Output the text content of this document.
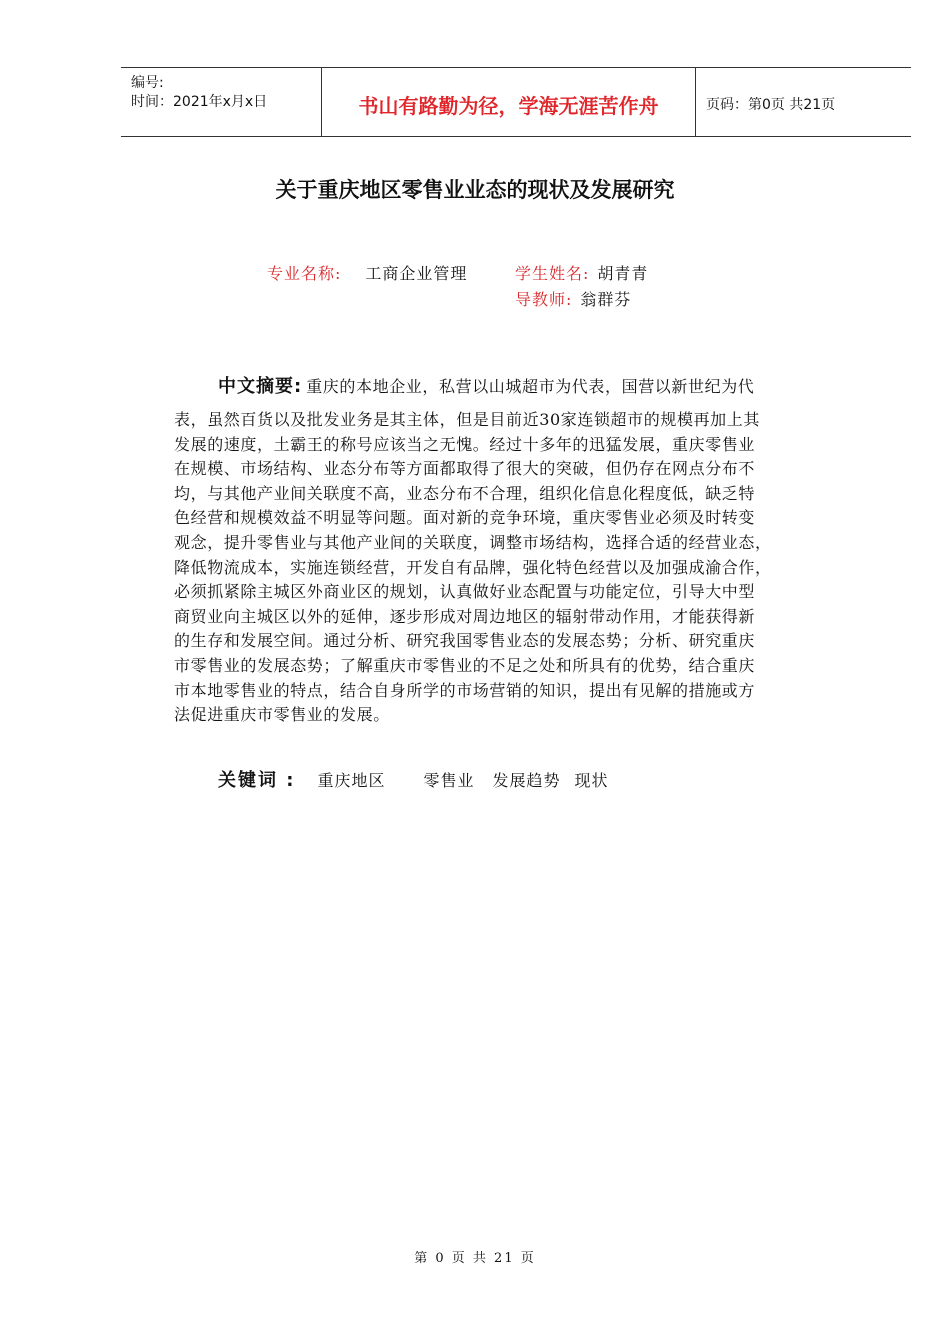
编号:
时间：2021年x月x日	书山有路勤为径，学海无涯苦作舟	页码：第0页 共21页
关于重庆地区零售业业态的现状及发展研究
专业名称: 工商企业管理	学生姓名: 胡青青
导教师: 翁群芬
中文摘要: 重庆的本地企业，私营以山城超市为代表，国营以新世纪为代
表，虽然百货以及批发业务是其主体，但是目前近30家连锁超市的规模再加上其
发展的速度，土霸王的称号应该当之无愧。经过十多年的迅猛发展，重庆零售业
在规模、市场结构、业态分布等方面都取得了很大的突破，但仍存在网点分布不
均，与其他产业间关联度不高，业态分布不合理，组织化信息化程度低，缺乏特
色经营和规模效益不明显等问题。面对新的竞争环境，重庆零售业必须及时转变
观念，提升零售业与其他产业间的关联度，调整市场结构，选择合适的经营业态，
降低物流成本，实施连锁经营，开发自有品牌，强化特色经营以及加强成渝合作，
必须抓紧除主城区外商业区的规划，认真做好业态配置与功能定位，引导大中型
商贸业向主城区以外的延伸，逐步形成对周边地区的辐射带动作用，才能获得新
的生存和发展空间。通过分析、研究我国零售业态的发展态势；分析、研究重庆
市零售业的发展态势；了解重庆市零售业的不足之处和所具有的优势，结合重庆
市本地零售业的特点，结合自身所学的市场营销的知识，提出有见解的措施或方
法促进重庆市零售业的发展。
关键词 : 重庆地区 零售业 发展趋势 现状
第 0 页 共 21 页
